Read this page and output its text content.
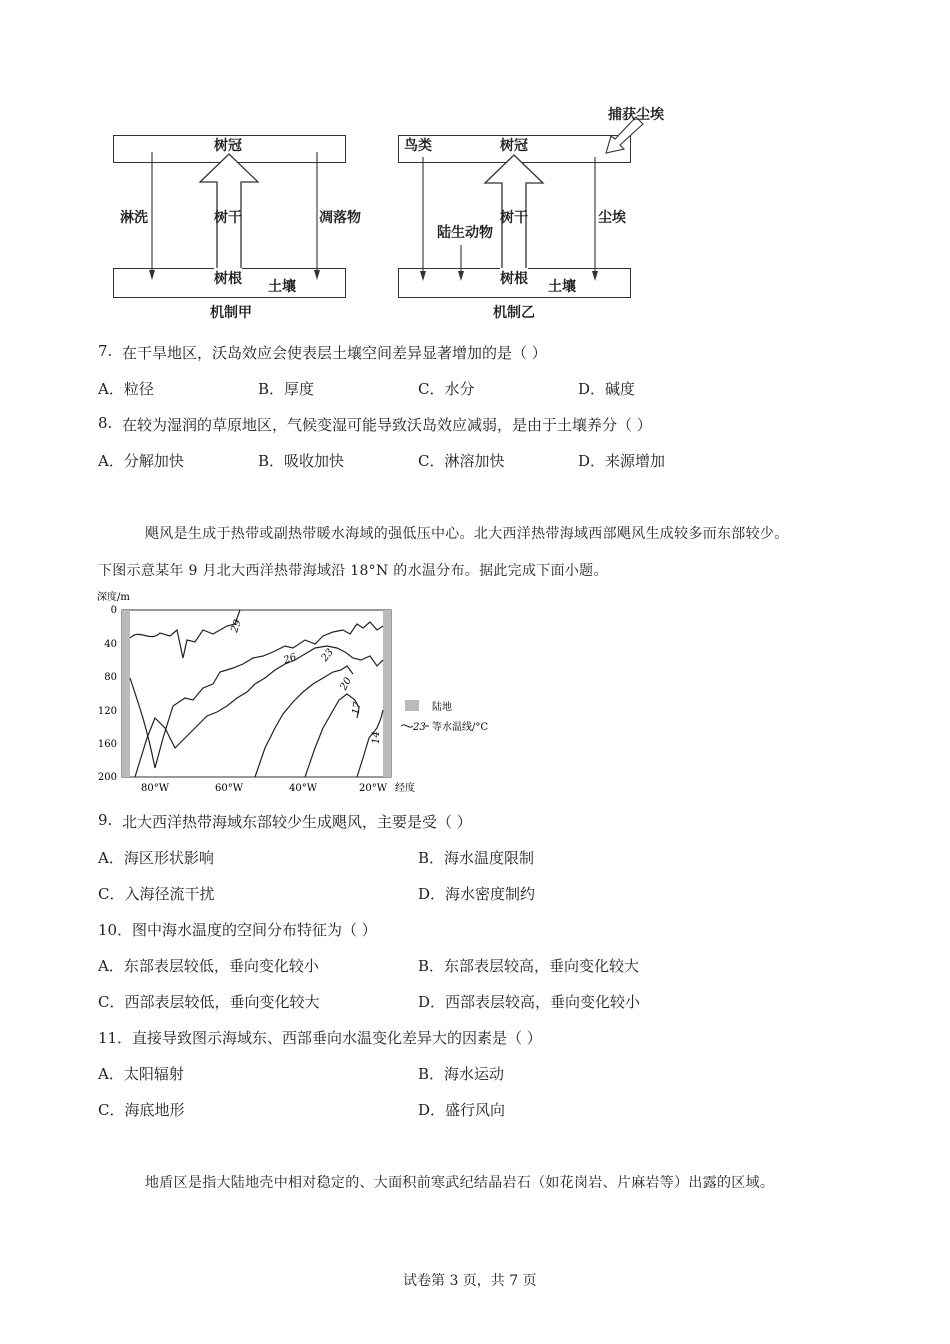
树冠
淋洗	树干	凋落物
树根 土壤
机制甲
捕获尘埃
鸟类	树冠
树干	尘埃
陆生动物
树根 土壤
机制乙
7. 在干旱地区，沃岛效应会使表层土壤空间差异显著增加的是（ ）
A．粒径	B．厚度	C．水分	D．碱度
8. 在较为湿润的草原地区，气候变湿可能导致沃岛效应减弱，是由于土壤养分（ ）
A．分解加快	B．吸收加快	C．淋溶加快	D．来源增加
飓风是生成于热带或副热带暖水海域的强低压中心。北大西洋热带海域西部飓风生成较多而东部较少。
下图示意某年 9 月北大西洋热带海域沿 18°N 的水温分布。据此完成下面小题。
深度/m
0
40
80
120
160
200
29
26 23
20
17
14
80°W	60°W	40°W	20°W 经度
陆地
23 等水温线/°C
9. 北大西洋热带海域东部较少生成飓风，主要是受（ ）
A．海区形状影响	B．海水温度限制
C．入海径流干扰	D．海水密度制约
10． 图中海水温度的空间分布特征为（ ）
A．东部表层较低，垂向变化较小	B．东部表层较高，垂向变化较大
C．西部表层较低，垂向变化较大	D．西部表层较高，垂向变化较小
11． 直接导致图示海域东、西部垂向水温变化差异大的因素是（ ）
A．太阳辐射	B．海水运动
C．海底地形	D．盛行风向
地盾区是指大陆地壳中相对稳定的、大面积前寒武纪结晶岩石（如花岗岩、片麻岩等）出露的区域。
试卷第 3 页，共 7 页
